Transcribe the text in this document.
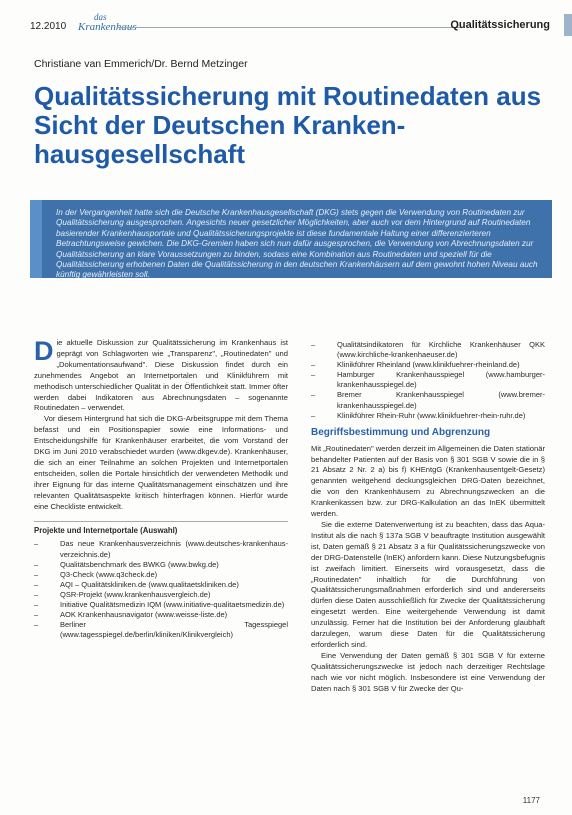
12.2010
das
Krankenhaus	Qualitätssicherung
Christiane van Emmerich/Dr. Bernd Metzinger
Qualitätssicherung mit Routinedaten aus Sicht der Deutschen Kranken-hausgesellschaft

In der Vergangenheit hatte sich die Deutsche Krankenhausgesellschaft (DKG) stets gegen die Verwendung von Routinedaten zur Qualitätssicherung ausgesprochen. Angesichts neuer gesetzlicher Möglichkeiten, aber auch vor dem Hintergrund auf Routinedaten basierender Krankenhausportale und Qualitätssicherungsprojekte ist diese fundamentale Haltung einer differenzierteren Betrachtungsweise gewichen. Die DKG-Gremien haben sich nun dafür ausgesprochen, die Verwendung von Abrechnungsdaten zur Qualitätssicherung an klare Voraussetzungen zu binden, sodass eine Kombination aus Routinedaten und speziell für die Qualitätssicherung erhobenen Daten die Qualitätssicherung in den deutschen Krankenhäusern auf dem gewohnt hohen Niveau auch künftig gewährleisten soll.

Die aktuelle Diskussion zur Qualitätssicherung im Krankenhaus ist geprägt von Schlagworten wie „Transparenz", „Routinedaten" und „Dokumentationsaufwand". Diese Diskussion findet durch ein zunehmendes Angebot an Internetportalen und Klinikführern mit methodisch unterschiedlicher Qualität in der Öffentlichkeit statt. Immer öfter werden dabei Indikatoren aus Abrechnungsdaten – sogenannte Routinedaten – verwendet.

Vor diesem Hintergrund hat sich die DKG-Arbeitsgruppe mit dem Thema befasst und ein Positionspapier sowie eine Informations- und Entscheidungshilfe für Krankenhäuser erarbeitet, die vom Vorstand der DKG im Juni 2010 verabschiedet wurden (www.dkgev.de). Krankenhäuser, die sich an einer Teilnahme an solchen Projekten und Internetportalen entscheiden, sollen die Portale hinsichtlich der verwendeten Methodik und ihrer Eignung für das interne Qualitätsmanagement einschätzen und ihre relevanten Qualitätsaspekte kritisch hinterfragen können. Hierfür wurde eine Checkliste entwickelt.

Projekte und Internetportale (Auswahl)
–	Das neue Krankenhausverzeichnis (www.deutsches-krankenhaus-verzeichnis.de)
–	Qualitätsbenchmark des BWKG (www.bwkg.de)
–	Q3-Check (www.q3check.de)
–	AQI – Qualitätskliniken.de (www.qualitaetskliniken.de)
–	QSR-Projekt (www.krankenhausvergleich.de)
–	Initiative Qualitätsmedizin IQM (www.initiative-qualitaetsmedizin.de)
–	AOK Krankenhausnavigator (www.weisse-liste.de)
–	Berliner Tagesspiegel (www.tagesspiegel.de/berlin/kliniken/Klinikvergleich)
–	Qualitätsindikatoren für Kirchliche Krankenhäuser QKK (www.kirchliche-krankenhaeuser.de)
–	Klinikführer Rheinland (www.klinikfuehrer-rheinland.de)
–	Hamburger Krankenhausspiegel (www.hamburger-krankenhausspiegel.de)
–	Bremer Krankenhausspiegel (www.bremer-krankenhausspiegel.de)
–	Klinikführer Rhein-Ruhr (www.klinikfuehrer-rhein-ruhr.de)
Begriffsbestimmung und Abgrenzung

Mit „Routinedaten" werden derzeit im Allgemeinen die Daten stationär behandelter Patienten auf der Basis von § 301 SGB V sowie die in § 21 Absatz 2 Nr. 2 a) bis f) KHEntgG (Krankenhausentgelt-Gesetz) genannten weitgehend deckungsgleichen DRG-Daten bezeichnet, die von den Krankenhäusern zu Abrechnungszwecken an die Krankenkassen bzw. zur DRG-Kalkulation an das InEK übermittelt werden.

Sie die externe Datenverwertung ist zu beachten, dass das Aqua-Institut als die nach § 137a SGB V beauftragte Institution ausgewählt ist, Daten gemäß § 21 Absatz 3 a für Qualitätssicherungszwecke von der DRG-Datenstelle (InEK) anfordern kann. Diese Nutzungsbefugnis ist zweifach limitiert. Einerseits wird vorausgesetzt, dass die „Routinedaten" inhaltlich für die Durchführung von Qualitätssicherungsmaßnahmen erforderlich sind und andererseits dürfen diese Daten ausschließlich für Zwecke der Qualitätssicherung eingesetzt werden. Eine weitergehende Verwendung ist damit unzulässig. Ferner hat die Institution bei der Anforderung glaubhaft darzulegen, warum diese Daten für die Qualitätssicherung erforderlich sind.

Eine Verwendung der Daten gemäß § 301 SGB V für externe Qualitätssicherungszwecke ist jedoch nach derzeitiger Rechtslage nach wie vor nicht möglich. Insbesondere ist eine Verwendung der Daten nach § 301 SGB V für Zwecke der Qu-

1177
